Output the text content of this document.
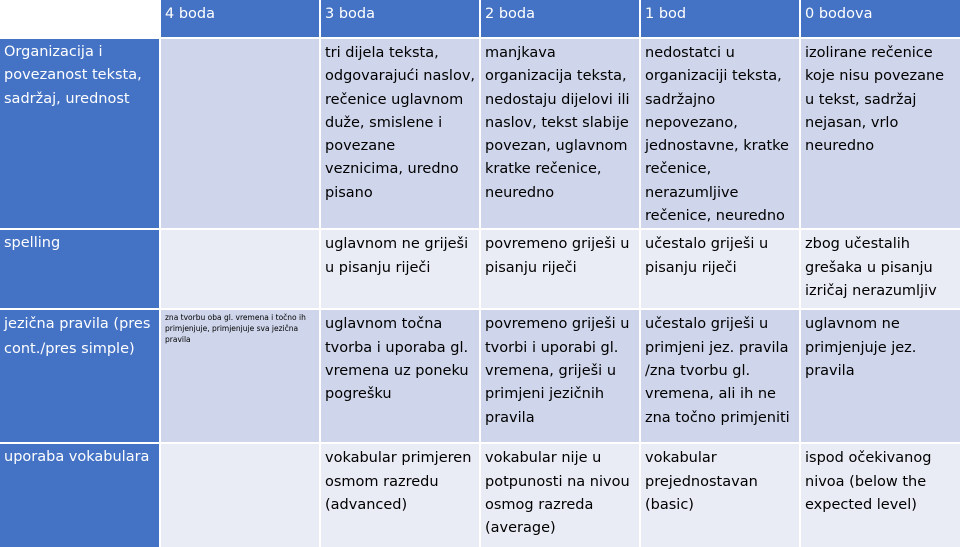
	4 boda	3 boda	2 boda	1 bod	0 bodova
Organizacija i povezanost teksta, sadržaj, urednost		tri dijela teksta, odgovarajući naslov, rečenice uglavnom duže, smislene i povezane veznicima, uredno pisano	manjkava organizacija teksta, nedostaju dijelovi ili naslov, tekst slabije povezan, uglavnom kratke rečenice, neuredno	nedostatci u organizaciji teksta, sadržajno nepovezano, jednostavne, kratke rečenice, nerazumljive rečenice, neuredno	izolirane rečenice koje nisu povezane u tekst, sadržaj nejasan, vrlo neuredno
spelling		uglavnom ne griješi u pisanju riječi	povremeno griješi u pisanju riječi	učestalo griješi u pisanju riječi	zbog učestalih grešaka u pisanju izričaj nerazumljiv
jezična pravila (pres cont./pres simple)	zna tvorbu oba gl. vremena i točno ih primjenjuje, primjenjuje sva jezična pravila	uglavnom točna tvorba i uporaba gl. vremena uz poneku pogrešku	povremeno griješi u tvorbi i uporabi gl. vremena, griješi u primjeni jezičnih pravila	učestalo griješi u primjeni jez. pravila /zna tvorbu gl. vremena, ali ih ne zna točno primjeniti	uglavnom ne primjenjuje jez. pravila
uporaba vokabulara		vokabular primjeren osmom razredu (advanced)	vokabular nije u potpunosti na nivou osmog razreda (average)	vokabular prejednostavan (basic)	ispod očekivanog nivoa (below the expected level)
